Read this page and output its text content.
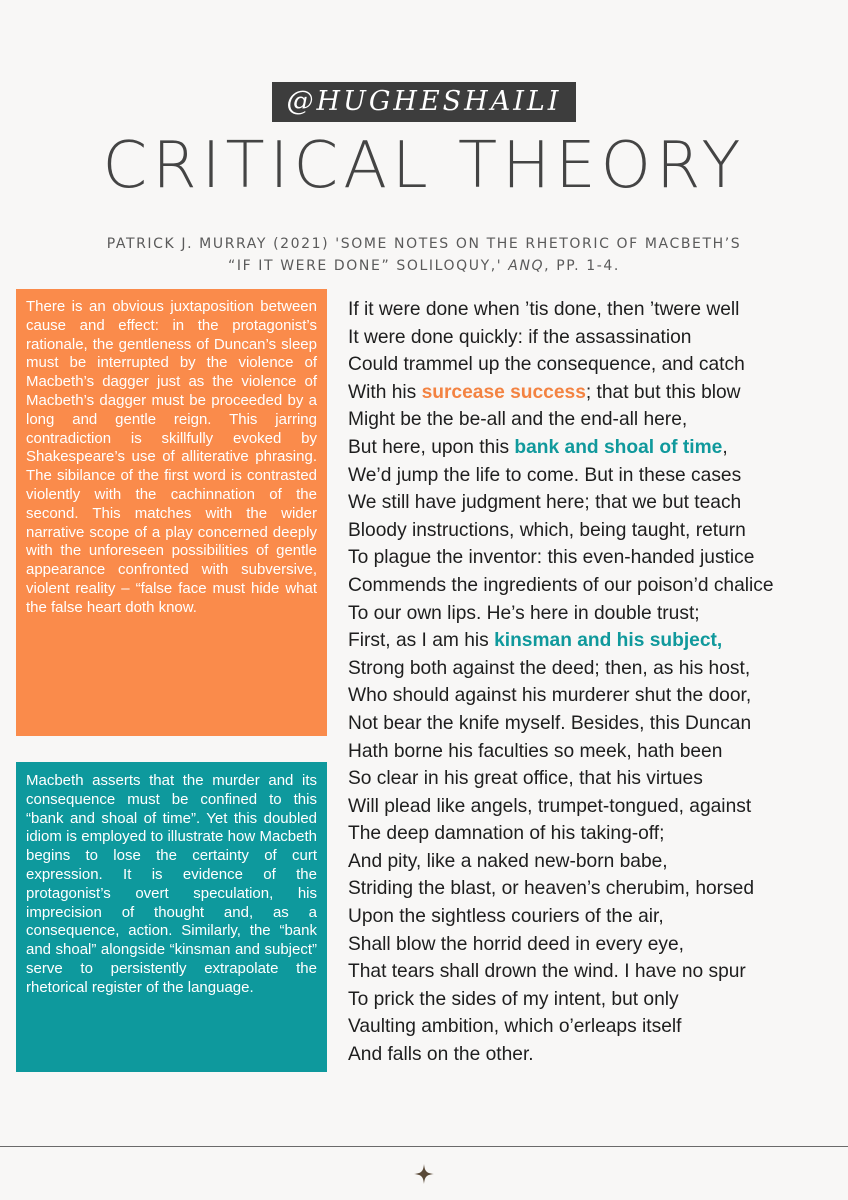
@HUGHESHAILI
CRITICAL THEORY
PATRICK J. MURRAY (2021) 'SOME NOTES ON THE RHETORIC OF MACBETH’S “IF IT WERE DONE” SOLILOQUY,' ANQ, PP. 1-4.
There is an obvious juxtaposition between cause and effect: in the protagonist’s rationale, the gentleness of Duncan’s sleep must be interrupted by the violence of Macbeth’s dagger just as the violence of Macbeth’s dagger must be proceeded by a long and gentle reign. This jarring contradiction is skillfully evoked by Shakespeare’s use of alliterative phrasing. The sibilance of the first word is contrasted violently with the cachinnation of the second. This matches with the wider narrative scope of a play concerned deeply with the unforeseen possibilities of gentle appearance confronted with subversive, violent reality – “false face must hide what the false heart doth know.
Macbeth asserts that the murder and its consequence must be confined to this “bank and shoal of time”. Yet this doubled idiom is employed to illustrate how Macbeth begins to lose the certainty of curt expression. It is evidence of the protagonist’s overt speculation, his imprecision of thought and, as a consequence, action. Similarly, the “bank and shoal” alongside “kinsman and subject” serve to persistently extrapolate the rhetorical register of the language.
If it were done when ’tis done, then ’twere well
It were done quickly: if the assassination
Could trammel up the consequence, and catch
With his surcease success; that but this blow
Might be the be-all and the end-all here,
But here, upon this bank and shoal of time,
We’d jump the life to come. But in these cases
We still have judgment here; that we but teach
Bloody instructions, which, being taught, return
To plague the inventor: this even-handed justice
Commends the ingredients of our poison’d chalice
To our own lips. He’s here in double trust;
First, as I am his kinsman and his subject,
Strong both against the deed; then, as his host,
Who should against his murderer shut the door,
Not bear the knife myself. Besides, this Duncan
Hath borne his faculties so meek, hath been
So clear in his great office, that his virtues
Will plead like angels, trumpet-tongued, against
The deep damnation of his taking-off;
And pity, like a naked new-born babe,
Striding the blast, or heaven’s cherubim, horsed
Upon the sightless couriers of the air,
Shall blow the horrid deed in every eye,
That tears shall drown the wind. I have no spur
To prick the sides of my intent, but only
Vaulting ambition, which o’erleaps itself
And falls on the other.
